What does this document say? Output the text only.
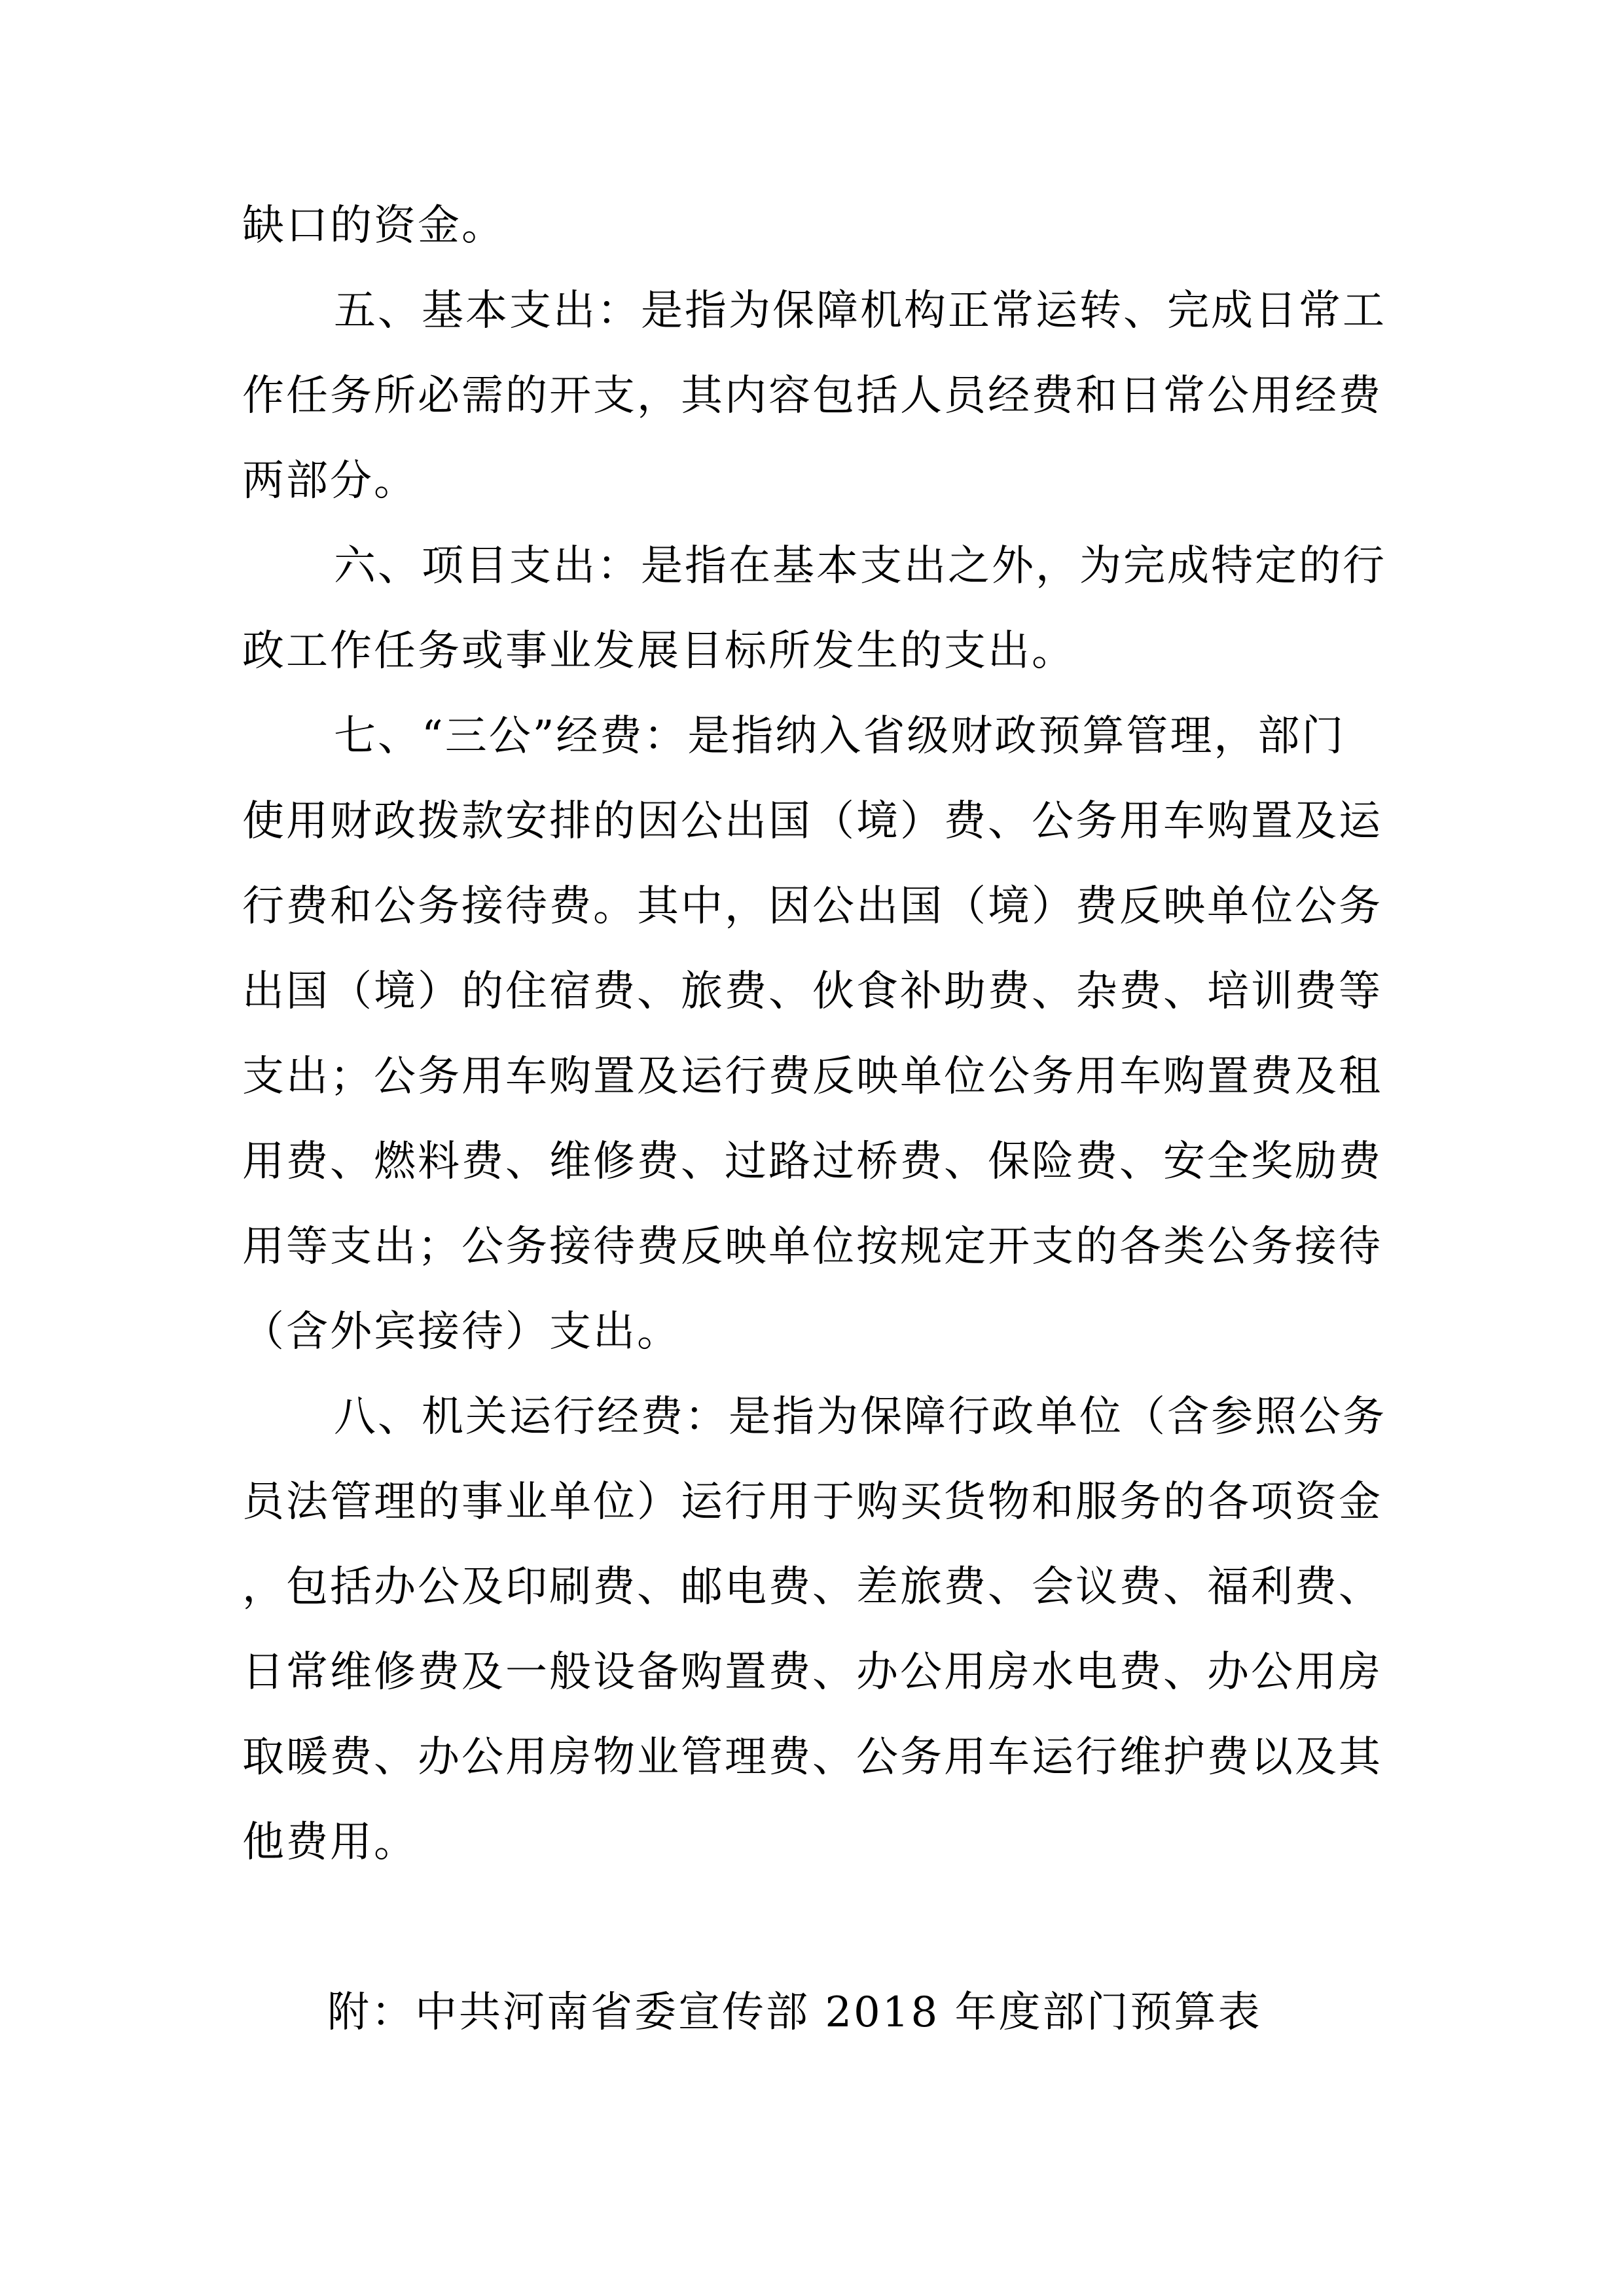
缺口的资金。
五、基本支出：是指为保障机构正常运转、完成日常工
作任务所必需的开支，其内容包括人员经费和日常公用经费
两部分。
六、项目支出：是指在基本支出之外，为完成特定的行
政工作任务或事业发展目标所发生的支出。
七、“三公”经费：是指纳入省级财政预算管理，部门
使用财政拨款安排的因公出国（境）费、公务用车购置及运
行费和公务接待费。其中，因公出国（境）费反映单位公务
出国（境）的住宿费、旅费、伙食补助费、杂费、培训费等
支出；公务用车购置及运行费反映单位公务用车购置费及租
用费、燃料费、维修费、过路过桥费、保险费、安全奖励费
用等支出；公务接待费反映单位按规定开支的各类公务接待
（含外宾接待）支出。
八、机关运行经费：是指为保障行政单位（含参照公务
员法管理的事业单位）运行用于购买货物和服务的各项资金
，包括办公及印刷费、邮电费、差旅费、会议费、福利费、
日常维修费及一般设备购置费、办公用房水电费、办公用房
取暖费、办公用房物业管理费、公务用车运行维护费以及其
他费用。
附：中共河南省委宣传部 2018 年度部门预算表
